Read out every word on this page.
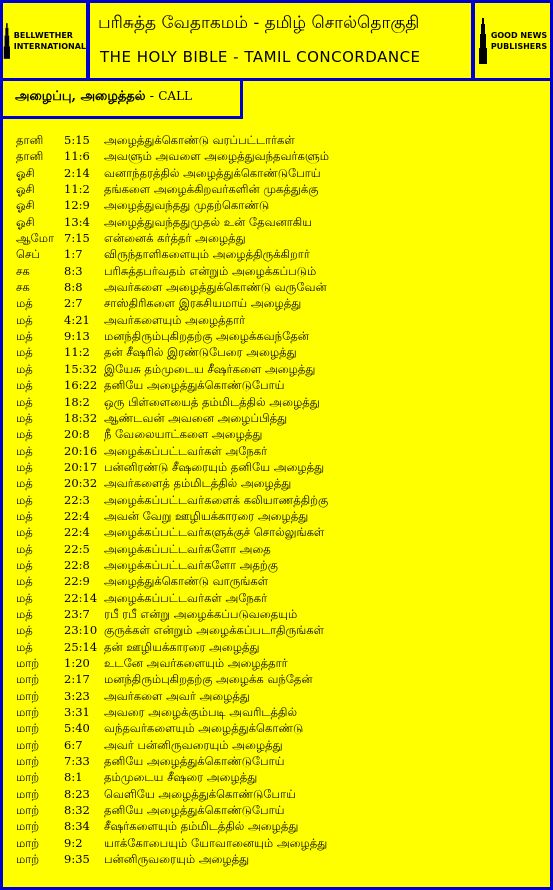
BELLWETHER
INTERNATIONAL
பரிசுத்த வேதாகமம் - தமிழ் சொல்தொகுதி
THE HOLY BIBLE - TAMIL CONCORDANCE
GOOD NEWS
PUBLISHERS
அழைப்பு, அழைத்தல் - CALL
தானி 5:15 அழைத்துக்கொண்டு வரப்பட்டார்கள்
தானி 11:6 அவளும் அவளை அழைத்துவந்தவர்களும்
ஓசி	2:14 வனாந்தரத்தில் அழைத்துக்கொண்டுபோய்
ஓசி	11:2 தங்களை அழைக்கிறவர்களின் முகத்துக்கு
ஓசி	12:9 அழைத்துவந்தது முதற்கொண்டு
ஓசி	13:4 அழைத்துவந்ததுமுதல் உன் தேவனாகிய
ஆமோ 7:15 என்னைக் கர்த்தர் அழைத்து
செப் 1:7 விருந்தாளிகளையும் அழைத்திருக்கிறார்
சக	8:3 பரிசுத்தபர்வதம் என்றும் அழைக்கப்படும்
சக	8:8 அவர்களை அழைத்துக்கொண்டு வருவேன்
மத்	2:7 சாஸ்திரிகளை இரகசியமாய் அழைத்து
மத்	4:21 அவர்களையும் அழைத்தார்
மத்	9:13 மனந்திரும்புகிறதற்கு அழைக்கவந்தேன்
மத்	11:2 தன் சீஷரில் இரண்டுபேரை அழைத்து
மத்	15:32 இயேசு தம்முடைய சீஷர்களை அழைத்து
மத்	16:22 தனியே அழைத்துக்கொண்டுபோய்
மத்	18:2 ஒரு பிள்ளையைத் தம்மிடத்தில் அழைத்து
மத்	18:32 ஆண்டவன் அவனை அழைப்பித்து
மத்	20:8 நீ வேலையாட்களை அழைத்து
மத்	20:16 அழைக்கப்பட்டவர்கள் அநேகர்
மத்	20:17 பன்னிரண்டு சீஷரையும் தனியே அழைத்து
மத்	20:32 அவர்களைத் தம்மிடத்தில் அழைத்து
மத்	22:3 அழைக்கப்பட்டவர்களைக் கலியாணத்திற்கு
மத்	22:4 அவன் வேறு ஊழியக்காரரை அழைத்து
மத்	22:4 அழைக்கப்பட்டவர்களுக்குச் சொல்லுங்கள்
மத்	22:5 அழைக்கப்பட்டவர்களோ அதை
மத்	22:8 அழைக்கப்பட்டவர்களோ அதற்கு
மத்	22:9 அழைத்துக்கொண்டு வாருங்கள்
மத்	22:14 அழைக்கப்பட்டவர்கள் அநேகர்
மத்	23:7 ரபீ ரபீ என்று அழைக்கப்படுவதையும்
மத்	23:10 குருக்கள் என்றும் அழைக்கப்படாதிருங்கள்
மத்	25:14 தன் ஊழியக்காரரை அழைத்து
மாற் 1:20 உடனே அவர்களையும் அழைத்தார்
மாற் 2:17 மனந்திரும்புகிறதற்கு அழைக்க வந்தேன்
மாற் 3:23 அவர்களை அவர் அழைத்து
மாற் 3:31 அவரை அழைக்கும்படி அவரிடத்தில்
மாற் 5:40 வந்தவர்களையும் அழைத்துக்கொண்டு
மாற் 6:7 அவர் பன்னிருவரையும் அழைத்து
மாற் 7:33 தனியே அழைத்துக்கொண்டுபோய்
மாற் 8:1 தம்முடைய சீஷரை அழைத்து
மாற் 8:23 வெளியே அழைத்துக்கொண்டுபோய்
மாற் 8:32 தனியே அழைத்துக்கொண்டுபோய்
மாற் 8:34 சீஷர்களையும் தம்மிடத்தில் அழைத்து
மாற் 9:2 யாக்கோபையும் யோவானையும் அழைத்து
மாற் 9:35 பன்னிருவரையும் அழைத்து
